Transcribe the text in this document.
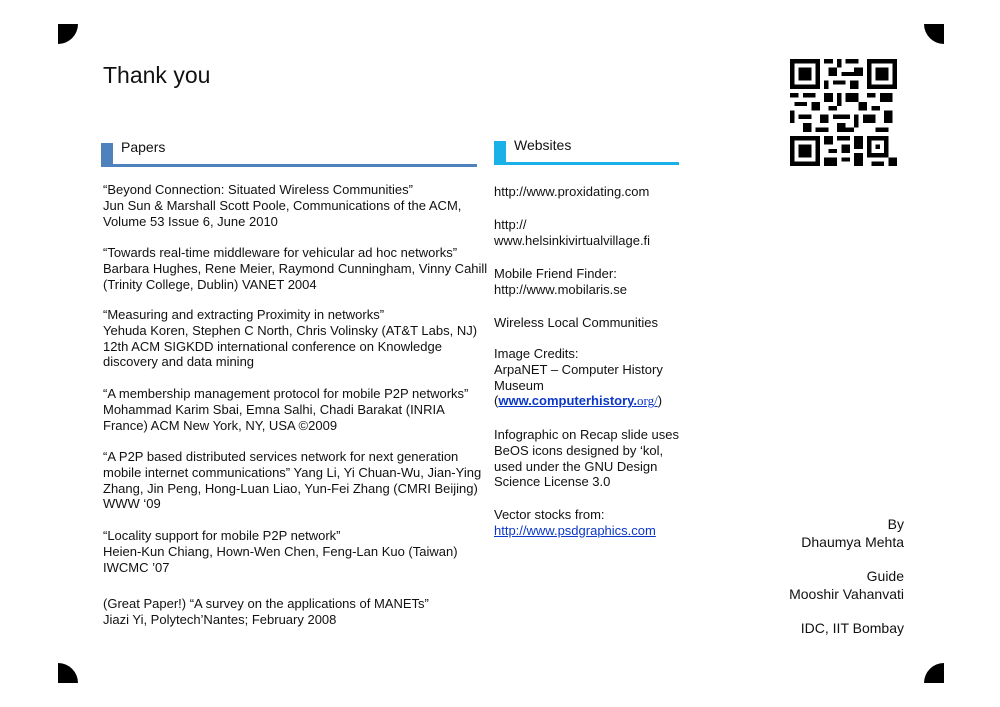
Thank you
Papers	Websites

“Beyond Connection: Situated Wireless Communities”
Jun Sun & Marshall Scott Poole, Communications of the ACM, Volume 53 Issue 6, June 2010

“Towards real-time middleware for vehicular ad hoc networks”
Barbara Hughes, Rene Meier, Raymond Cunningham, Vinny Cahill (Trinity College, Dublin) VANET 2004

“Measuring and extracting Proximity in networks”
Yehuda Koren, Stephen C North, Chris Volinsky (AT&T Labs, NJ) 12th ACM SIGKDD international conference on Knowledge discovery and data mining

“A membership management protocol for mobile P2P networks”
Mohammad Karim Sbai, Emna Salhi, Chadi Barakat (INRIA France) ACM New York, NY, USA ©2009

“A P2P based distributed services network for next generation mobile internet communications” Yang Li, Yi Chuan-Wu, Jian-Ying Zhang, Jin Peng, Hong-Luan Liao, Yun-Fei Zhang (CMRI Beijing) WWW ‘09

“Locality support for mobile P2P network”
Heien-Kun Chiang, Hown-Wen Chen, Feng-Lan Kuo (Taiwan) IWCMC ’07

(Great Paper!) “A survey on the applications of MANETs”
Jiazi Yi, Polytech’Nantes; February 2008

http://www.proxidating.com

http://
www.helsinkivirtualvillage.fi

Mobile Friend Finder:
http://www.mobilaris.se

Wireless Local Communities

Image Credits:
ArpaNET – Computer History
Museum
(www.computerhistory.org/)

Infographic on Recap slide uses BeOS icons designed by ‘kol, used under the GNU Design Science License 3.0

Vector stocks from:
http://www.psdgraphics.com	By

Dhaumya Mehta

Guide

Mooshir Vahanvati

IDC, IIT Bombay
